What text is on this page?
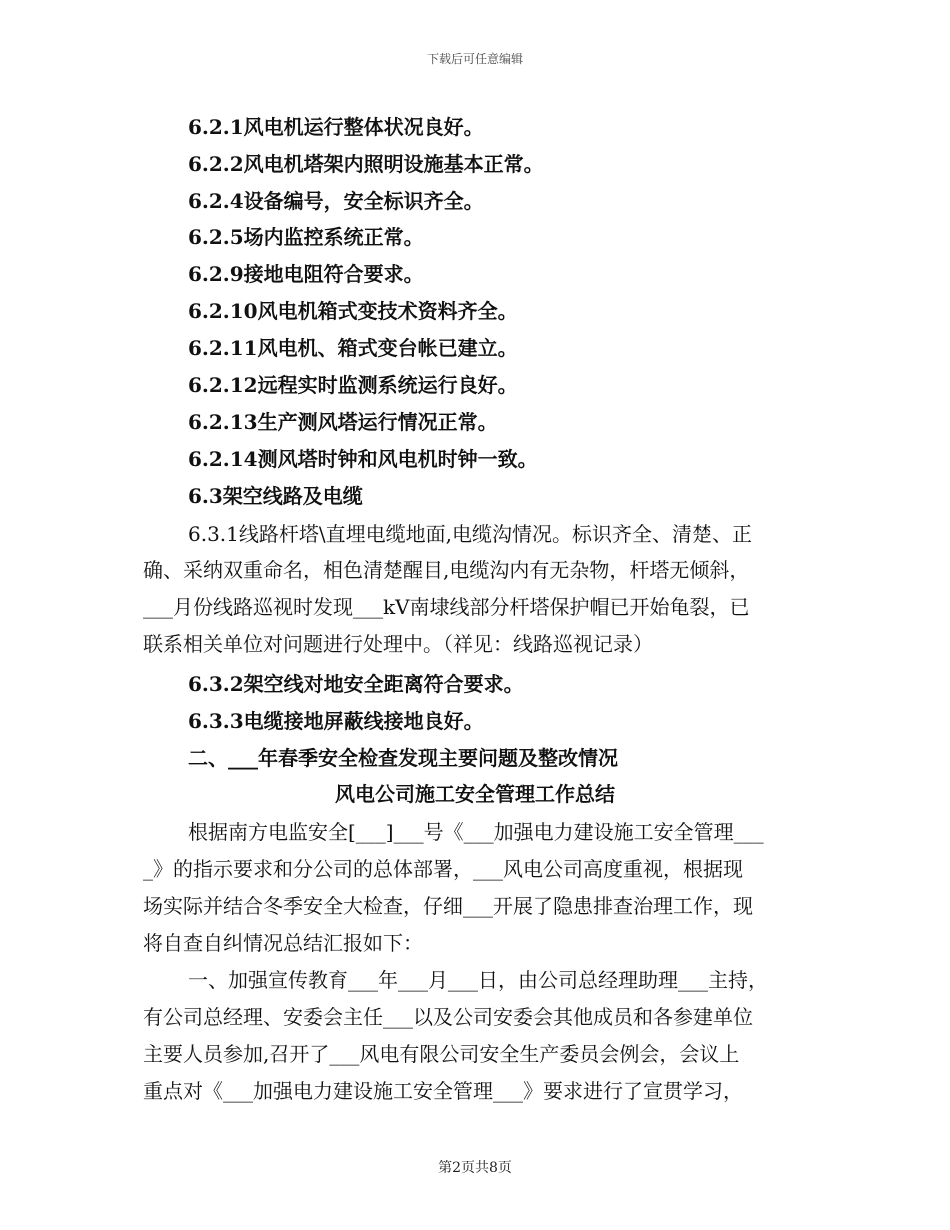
下载后可任意编辑
6.2.1风电机运行整体状况良好。
6.2.2风电机塔架内照明设施基本正常。
6.2.4设备编号，安全标识齐全。
6.2.5场内监控系统正常。
6.2.9接地电阻符合要求。
6.2.10风电机箱式变技术资料齐全。
6.2.11风电机、箱式变台帐已建立。
6.2.12远程实时监测系统运行良好。
6.2.13生产测风塔运行情况正常。
6.2.14测风塔时钟和风电机时钟一致。
6.3架空线路及电缆
6.3.1线路杆塔\直埋电缆地面,电缆沟情况。标识齐全、清楚、正
确、采纳双重命名，相色清楚醒目,电缆沟内有无杂物，杆塔无倾斜，
___月份线路巡视时发现___kV南埭线部分杆塔保护帽已开始龟裂，已
联系相关单位对问题进行处理中。（祥见：线路巡视记录）
6.3.2架空线对地安全距离符合要求。
6.3.3电缆接地屏蔽线接地良好。
二、___年春季安全检查发现主要问题及整改情况
风电公司施工安全管理工作总结
根据南方电监安全[___]___号《___加强电力建设施工安全管理___
_》的指示要求和分公司的总体部署，___风电公司高度重视，根据现
场实际并结合冬季安全大检查，仔细___开展了隐患排查治理工作，现
将自查自纠情况总结汇报如下：
一、加强宣传教育___年___月___日，由公司总经理助理___主持，
有公司总经理、安委会主任___以及公司安委会其他成员和各参建单位
主要人员参加,召开了___风电有限公司安全生产委员会例会，会议上
重点对《___加强电力建设施工安全管理___》要求进行了宣贯学习，
第2页共8页
